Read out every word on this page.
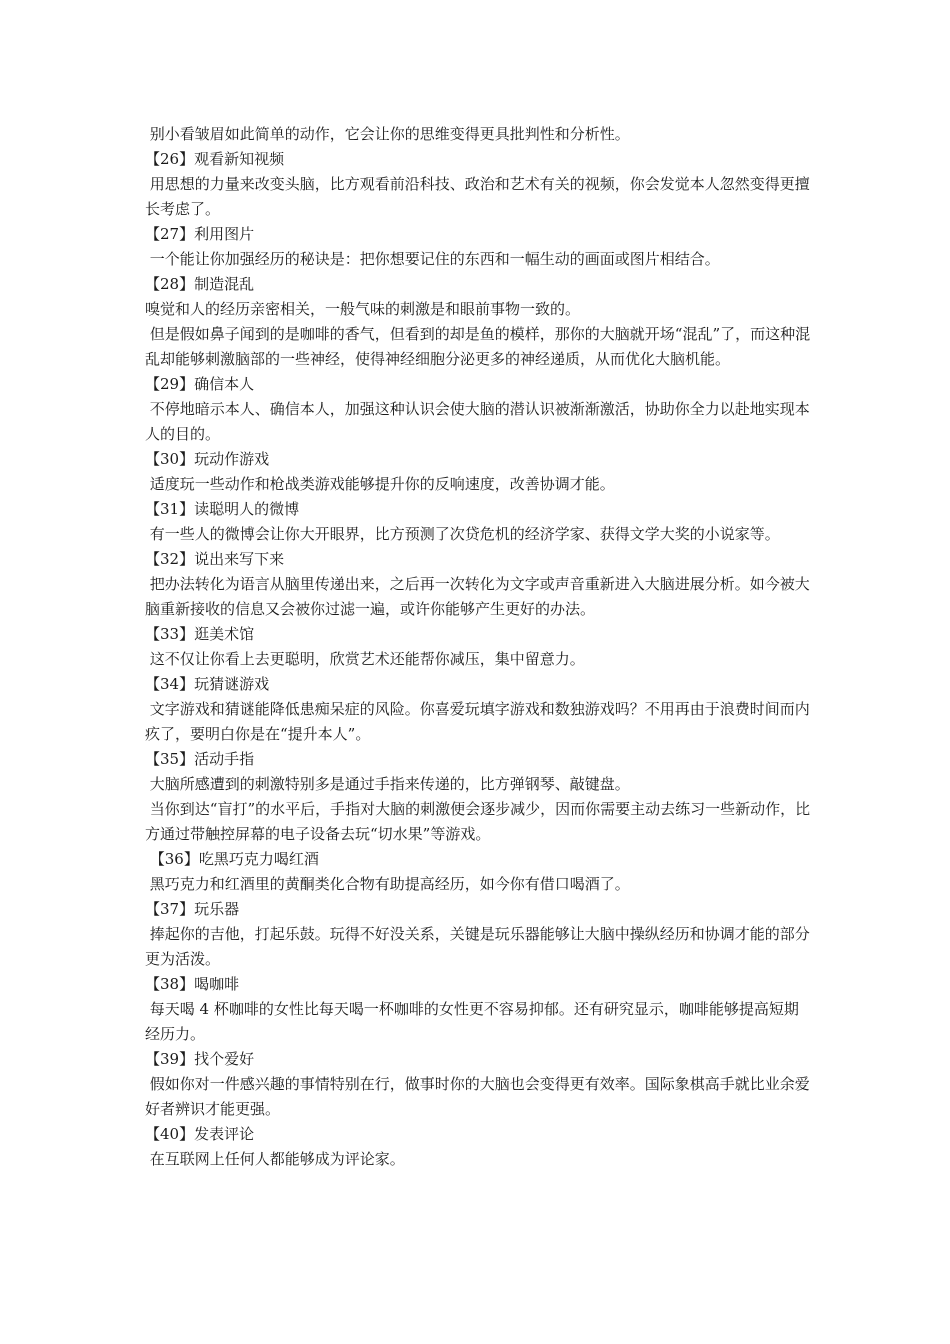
别小看皱眉如此简单的动作，它会让你的思维变得更具批判性和分析性。

【26】观看新知视频

用思想的力量来改变头脑，比方观看前沿科技、政治和艺术有关的视频，你会发觉本人忽然变得更擅长考虑了。

【27】利用图片

一个能让你加强经历的秘诀是：把你想要记住的东西和一幅生动的画面或图片相结合。

【28】制造混乱

嗅觉和人的经历亲密相关，一般气味的刺激是和眼前事物一致的。

但是假如鼻子闻到的是咖啡的香气，但看到的却是鱼的模样，那你的大脑就开场“混乱”了，而这种混乱却能够刺激脑部的一些神经，使得神经细胞分泌更多的神经递质，从而优化大脑机能。

【29】确信本人

不停地暗示本人、确信本人，加强这种认识会使大脑的潜认识被渐渐激活，协助你全力以赴地实现本人的目的。

【30】玩动作游戏

适度玩一些动作和枪战类游戏能够提升你的反响速度，改善协调才能。

【31】读聪明人的微博

有一些人的微博会让你大开眼界，比方预测了次贷危机的经济学家、获得文学大奖的小说家等。

【32】说出来写下来

把办法转化为语言从脑里传递出来，之后再一次转化为文字或声音重新进入大脑进展分析。如今被大脑重新接收的信息又会被你过滤一遍，或许你能够产生更好的办法。

【33】逛美术馆

这不仅让你看上去更聪明，欣赏艺术还能帮你减压，集中留意力。

【34】玩猜谜游戏

文字游戏和猜谜能降低患痴呆症的风险。你喜爱玩填字游戏和数独游戏吗？不用再由于浪费时间而内疚了，要明白你是在“提升本人”。

【35】活动手指

大脑所感遭到的刺激特别多是通过手指来传递的，比方弹钢琴、敲键盘。

当你到达“盲打”的水平后，手指对大脑的刺激便会逐步减少，因而你需要主动去练习一些新动作，比方通过带触控屏幕的电子设备去玩“切水果”等游戏。

【36】吃黑巧克力喝红酒

黑巧克力和红酒里的黄酮类化合物有助提高经历，如今你有借口喝酒了。

【37】玩乐器

捧起你的吉他，打起乐鼓。玩得不好没关系，关键是玩乐器能够让大脑中操纵经历和协调才能的部分更为活泼。

【38】喝咖啡

每天喝 4 杯咖啡的女性比每天喝一杯咖啡的女性更不容易抑郁。还有研究显示，咖啡能够提高短期经历力。

【39】找个爱好

假如你对一件感兴趣的事情特别在行，做事时你的大脑也会变得更有效率。国际象棋高手就比业余爱好者辨识才能更强。

【40】发表评论

在互联网上任何人都能够成为评论家。
